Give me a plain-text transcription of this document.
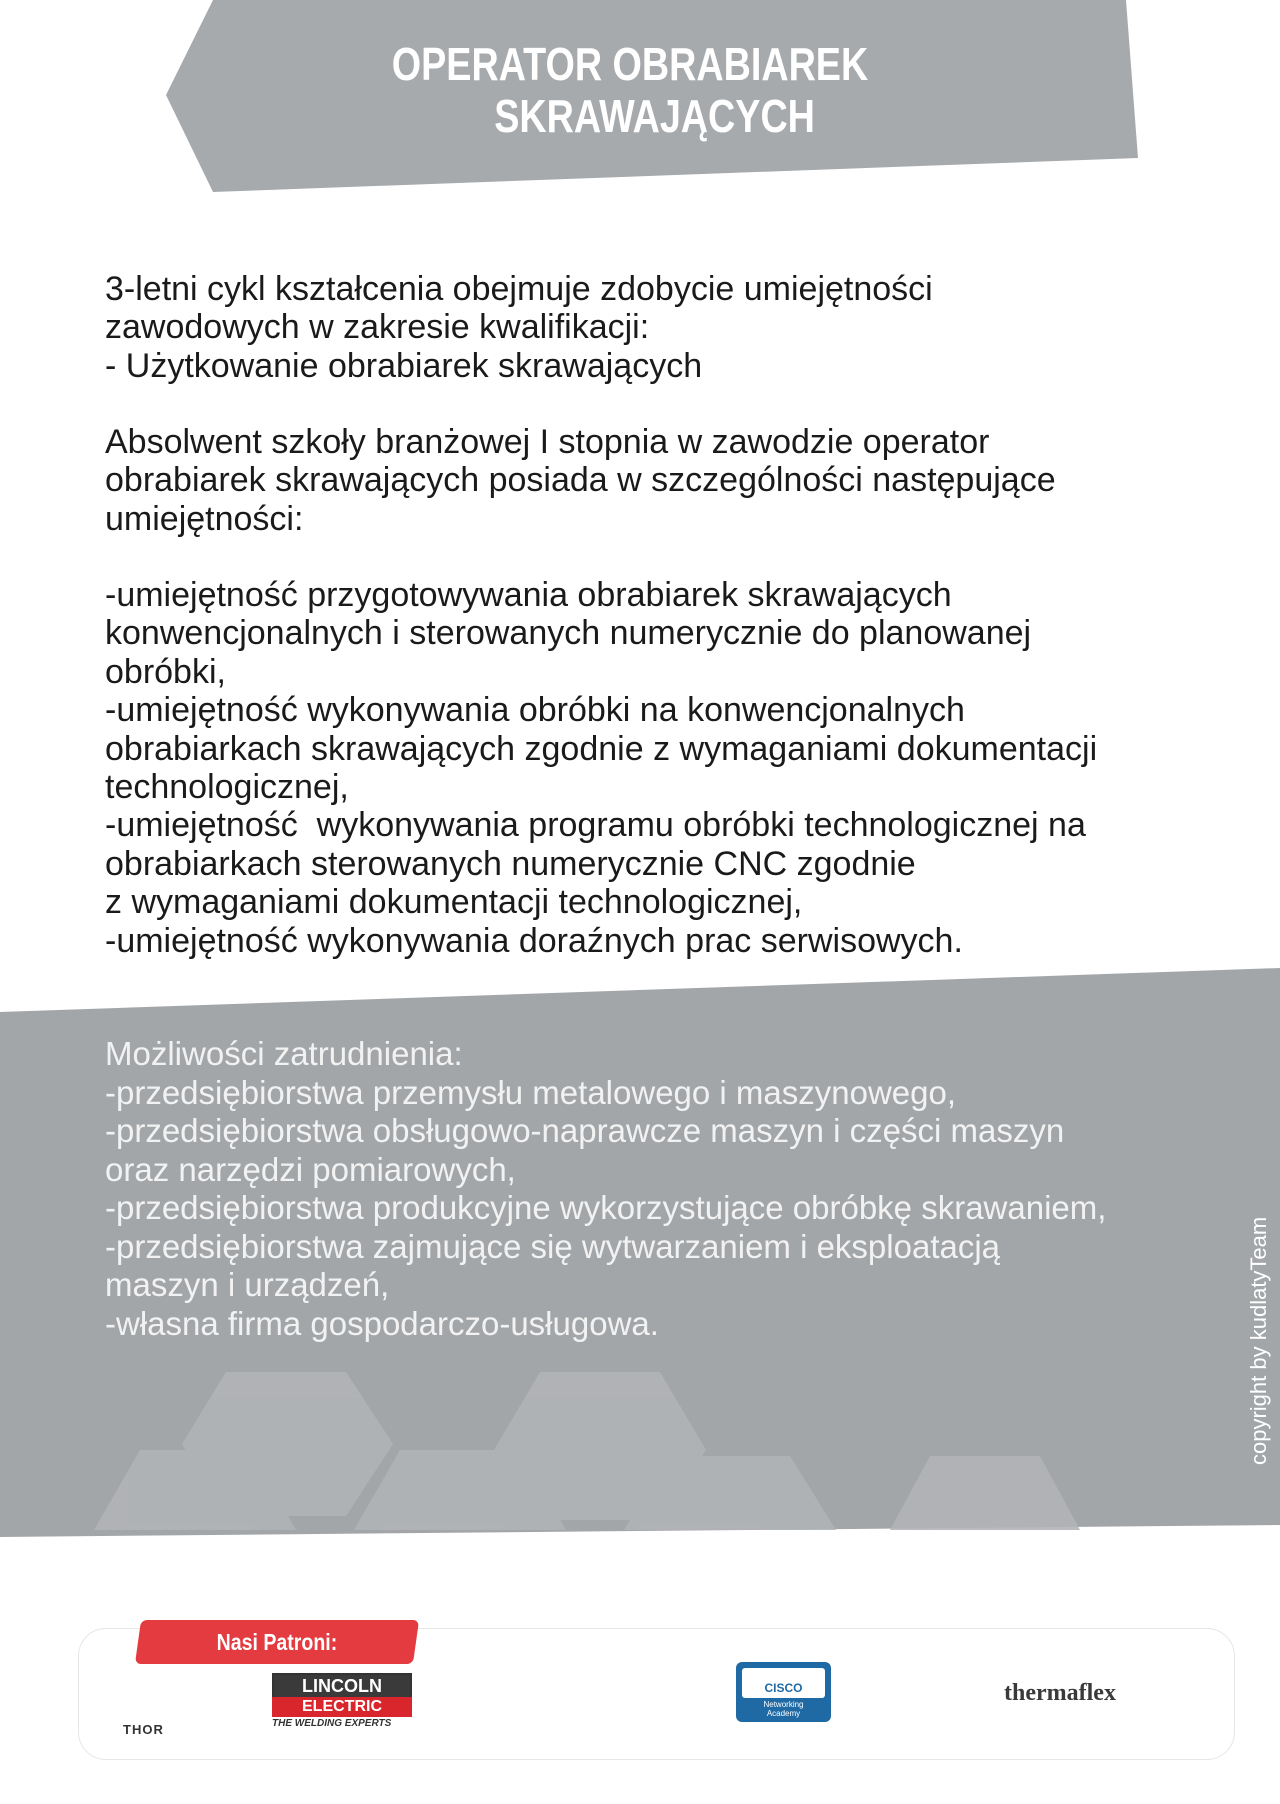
OPERATOR OBRABIAREK
SKRAWAJĄCYCH

3-letni cykl kształcenia obejmuje zdobycie umiejętności

zawodowych w zakresie kwalifikacji:

- Użytkowanie obrabiarek skrawających

Absolwent szkoły branżowej I stopnia w zawodzie operator

obrabiarek skrawających posiada w szczególności następujące

umiejętności:

-umiejętność przygotowywania obrabiarek skrawających

konwencjonalnych i sterowanych numerycznie do planowanej

obróbki,

-umiejętność wykonywania obróbki na konwencjonalnych

obrabiarkach skrawających zgodnie z wymaganiami dokumentacji

technologicznej,

-umiejętność  wykonywania programu obróbki technologicznej na

obrabiarkach sterowanych numerycznie CNC zgodnie

z wymaganiami dokumentacji technologicznej,

-umiejętność wykonywania doraźnych prac serwisowych.

Możliwości zatrudnienia:

-przedsiębiorstwa przemysłu metalowego i maszynowego,

-przedsiębiorstwa obsługowo-naprawcze maszyn i części maszyn

oraz narzędzi pomiarowych,

-przedsiębiorstwa produkcyjne wykorzystujące obróbkę skrawaniem,

-przedsiębiorstwa zajmujące się wytwarzaniem i eksploatacją

maszyn i urządzeń,

-własna firma gospodarczo-usługowa.	copyright by kudlatyTeam
Nasi Patroni:
THOR
LINCOLN
ELECTRIC
THE WELDING EXPERTS
Microsoft
DreamSpark	CISCO
Networking
Academy
thermaflex
